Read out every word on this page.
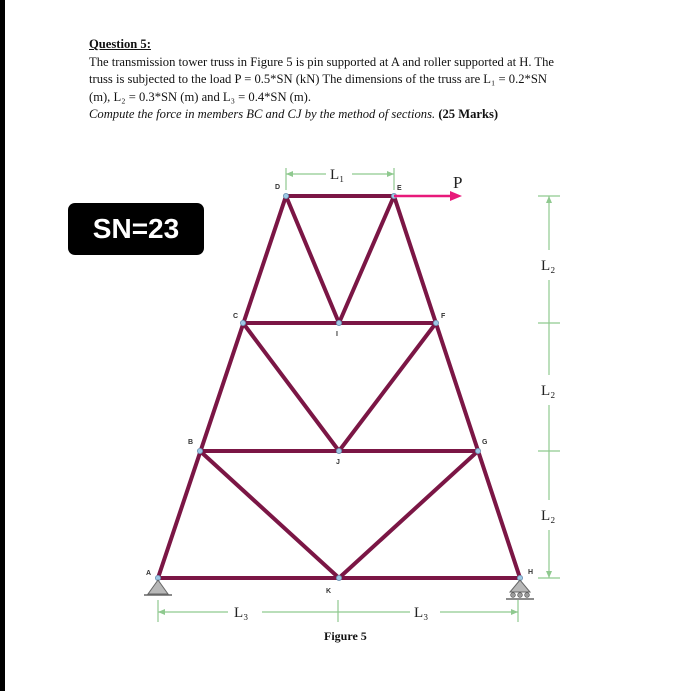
Question 5:
The transmission tower truss in Figure 5 is pin supported at A and roller supported at H. The
truss is subjected to the load P = 0.5*SN (kN) The dimensions of the truss are L₁ = 0.2*SN
(m), L₂ = 0.3*SN (m) and L₃ = 0.4*SN (m).
Compute the force in members BC and CJ by the method of sections. (25 Marks)
SN=23
P
D	E
C
I
F
B
J
G
A
K
H
L₁
L₂
L₂
L₂
L₃	L₃
Figure 5
